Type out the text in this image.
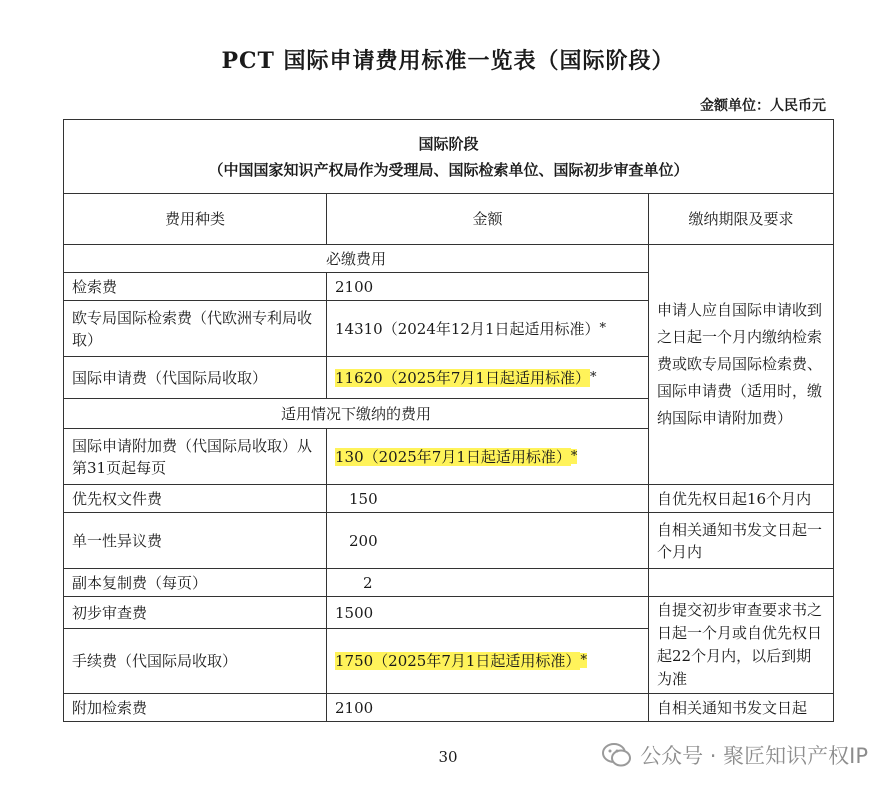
PCT 国际申请费用标准一览表（国际阶段）
金额单位：人民币元
国际阶段
（中国国家知识产权局作为受理局、国际检索单位、国际初步审查单位）		

费用种类	金额	缴纳期限及要求
必缴费用		申请人应自国际申请收到之日起一个月内缴纳检索费或欧专局国际检索费、国际申请费（适用时，缴纳国际申请附加费）
检索费	2100	
欧专局国际检索费（代欧洲专利局收取）	14310（2024年12月1日起适用标准）*
国际申请费（代国际局收取）	11620（2025年7月1日起适用标准）*
适用情况下缴纳的费用		
国际申请附加费（代国际局收取）从第31页起每页	130（2025年7月1日起适用标准）*
优先权文件费	150	自优先权日起16个月内
单一性异议费	200	自相关通知书发文日起一个月内
副本复制费（每页）	2	
初步审查费	1500	自提交初步审查要求书之日起一个月或自优先权日起22个月内，以后到期为准
手续费（代国际局收取）	1750（2025年7月1日起适用标准）*
附加检索费	2100	自相关通知书发文日起
30	公众号 · 聚匠知识产权IP
